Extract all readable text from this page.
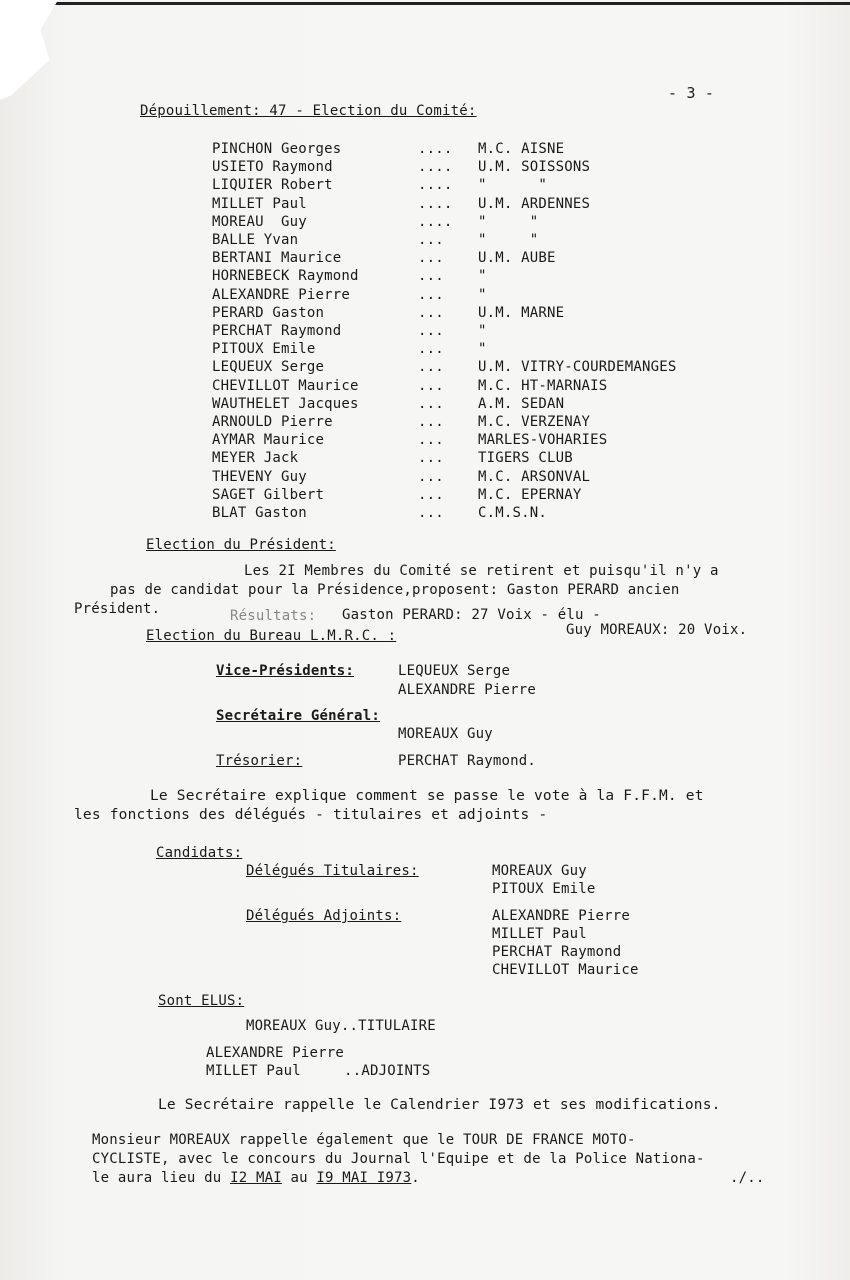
- 3 -
Dépouillement: 47 - Election du Comité:
PINCHON Georges	.... M.C. AISNE
USIETO Raymond	.... U.M. SOISSONS
LIQUIER Robert	.... "      "
MILLET Paul	.... U.M. ARDENNES
MOREAU  Guy	.... "     "
BALLE Yvan	... "     "
BERTANI Maurice	... U.M. AUBE
HORNEBECK Raymond	... "
ALEXANDRE Pierre	... "
PERARD Gaston	... U.M. MARNE
PERCHAT Raymond	... "
PITOUX Emile	... "
LEQUEUX Serge	... U.M. VITRY-COURDEMANGES
CHEVILLOT Maurice	... M.C. HT-MARNAIS
WAUTHELET Jacques	... A.M. SEDAN
ARNOULD Pierre	... M.C. VERZENAY
AYMAR Maurice	... MARLES-VOHARIES
MEYER Jack	... TIGERS CLUB
THEVENY Guy	... M.C. ARSONVAL
SAGET Gilbert	... M.C. EPERNAY
BLAT Gaston	... C.M.S.N.
Election du Président:
Les 2I Membres du Comité se retirent et puisqu'il n'y a
pas de candidat pour la Présidence,proposent: Gaston PERARD ancien
Président.	Résultats: Gaston PERARD: 27 Voix - élu -
Guy MOREAUX: 20 Voix.
Election du Bureau L.M.R.C. :
Vice-Présidents:	LEQUEUX Serge
ALEXANDRE Pierre
Secrétaire Général:
MOREAUX Guy
Trésorier:	PERCHAT Raymond.
Le Secrétaire explique comment se passe le vote à la F.F.M. et
les fonctions des délégués - titulaires et adjoints -
Candidats:
Délégués Titulaires:	MOREAUX Guy
PITOUX Emile
Délégués Adjoints:	ALEXANDRE Pierre
MILLET Paul
PERCHAT Raymond
CHEVILLOT Maurice
Sont ELUS:
MOREAUX Guy..TITULAIRE
ALEXANDRE Pierre
MILLET Paul     ..ADJOINTS
Le Secrétaire rappelle le Calendrier I973 et ses modifications.
Monsieur MOREAUX rappelle également que le TOUR DE FRANCE MOTO-
CYCLISTE, avec le concours du Journal l'Equipe et de la Police Nationa-
le aura lieu du I2 MAI au I9 MAI I973.	./..
